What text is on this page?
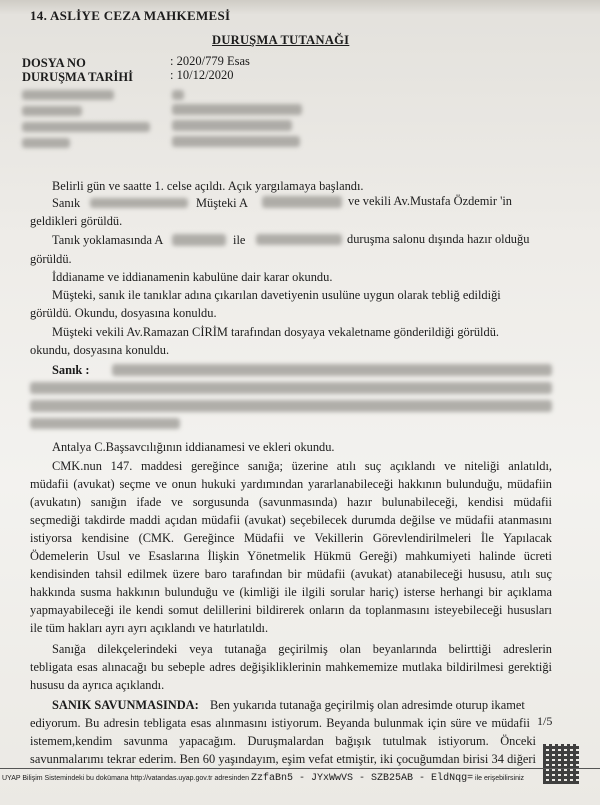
14. ASLİYE CEZA MAHKEMESİ
DURUŞMA TUTANAĞI
DOSYA NO	: 2020/779 Esas
DURUŞMA TARİHİ	: 10/12/2020
Belirli gün ve saatte 1. celse açıldı. Açık yargılamaya başlandı.
Sanık	Müşteki A	ve vekili Av.Mustafa Özdemir 'in
geldikleri görüldü.
Tanık yoklamasında A	ile	duruşma salonu dışında hazır olduğu
görüldü.
İddianame ve iddianamenin kabulüne dair karar okundu.
Müşteki, sanık ile tanıklar adına çıkarılan davetiyenin usulüne uygun olarak tebliğ edildiği
görüldü. Okundu, dosyasına konuldu.
Müşteki vekili Av.Ramazan CİRİM tarafından dosyaya vekaletname gönderildiği görüldü.
okundu, dosyasına konuldu.
Sanık :
Antalya C.Başsavcılığının iddianamesi ve ekleri okundu.
CMK.nun 147. maddesi gereğince sanığa; üzerine atılı suç açıklandı ve niteliği anlatıldı,
müdafii (avukat) seçme ve onun hukuki yardımından yararlanabileceği hakkının bulunduğu, müdafiin
(avukatın) sanığın ifade ve sorgusunda (savunmasında) hazır bulunabileceği, kendisi müdafii
seçmediği takdirde maddi açıdan müdafii (avukat) seçebilecek durumda değilse ve müdafii atanmasını
istiyorsa kendisine (CMK. Gereğince Müdafii ve Vekillerin Görevlendirilmeleri İle Yapılacak
Ödemelerin Usul ve Esaslarına İlişkin Yönetmelik Hükmü Gereği) mahkumiyeti halinde ücreti
kendisinden tahsil edilmek üzere baro tarafından bir müdafii (avukat) atanabileceği hususu, atılı suç
hakkında susma hakkının bulunduğu ve (kimliği ile ilgili sorular hariç) isterse herhangi bir açıklama
yapmayabileceği ile kendi somut delillerini bildirerek onların da toplanmasını isteyebileceği hususları
ile tüm hakları ayrı ayrı açıklandı ve hatırlatıldı.
Sanığa dilekçelerindeki veya tutanağa geçirilmiş olan beyanlarında belirttiği adreslerin
tebligata esas alınacağı bu sebeple adres değişikliklerinin mahkememize mutlaka bildirilmesi gerektiği
hususu da ayrıca açıklandı.
SANIK SAVUNMASINDA: Ben yukarıda tutanağa geçirilmiş olan adresimde oturup ikamet
ediyorum. Bu adresin tebligata esas alınmasını istiyorum. Beyanda bulunmak için süre ve müdafii
istemem,kendim savunma yapacağım. Duruşmalardan bağışık tutulmak istiyorum. Önceki
savunmalarımı tekrar ederim. Ben 60 yaşındayım, eşim vefat etmiştir, iki çocuğumdan birisi 34 diğeri
1/5
UYAP Bilişim Sistemindeki bu dokümana http://vatandas.uyap.gov.tr adresinden ZzfaBn5 - JYxWwVS - SZB25AB - EldNqg= ile erişebilirsiniz
